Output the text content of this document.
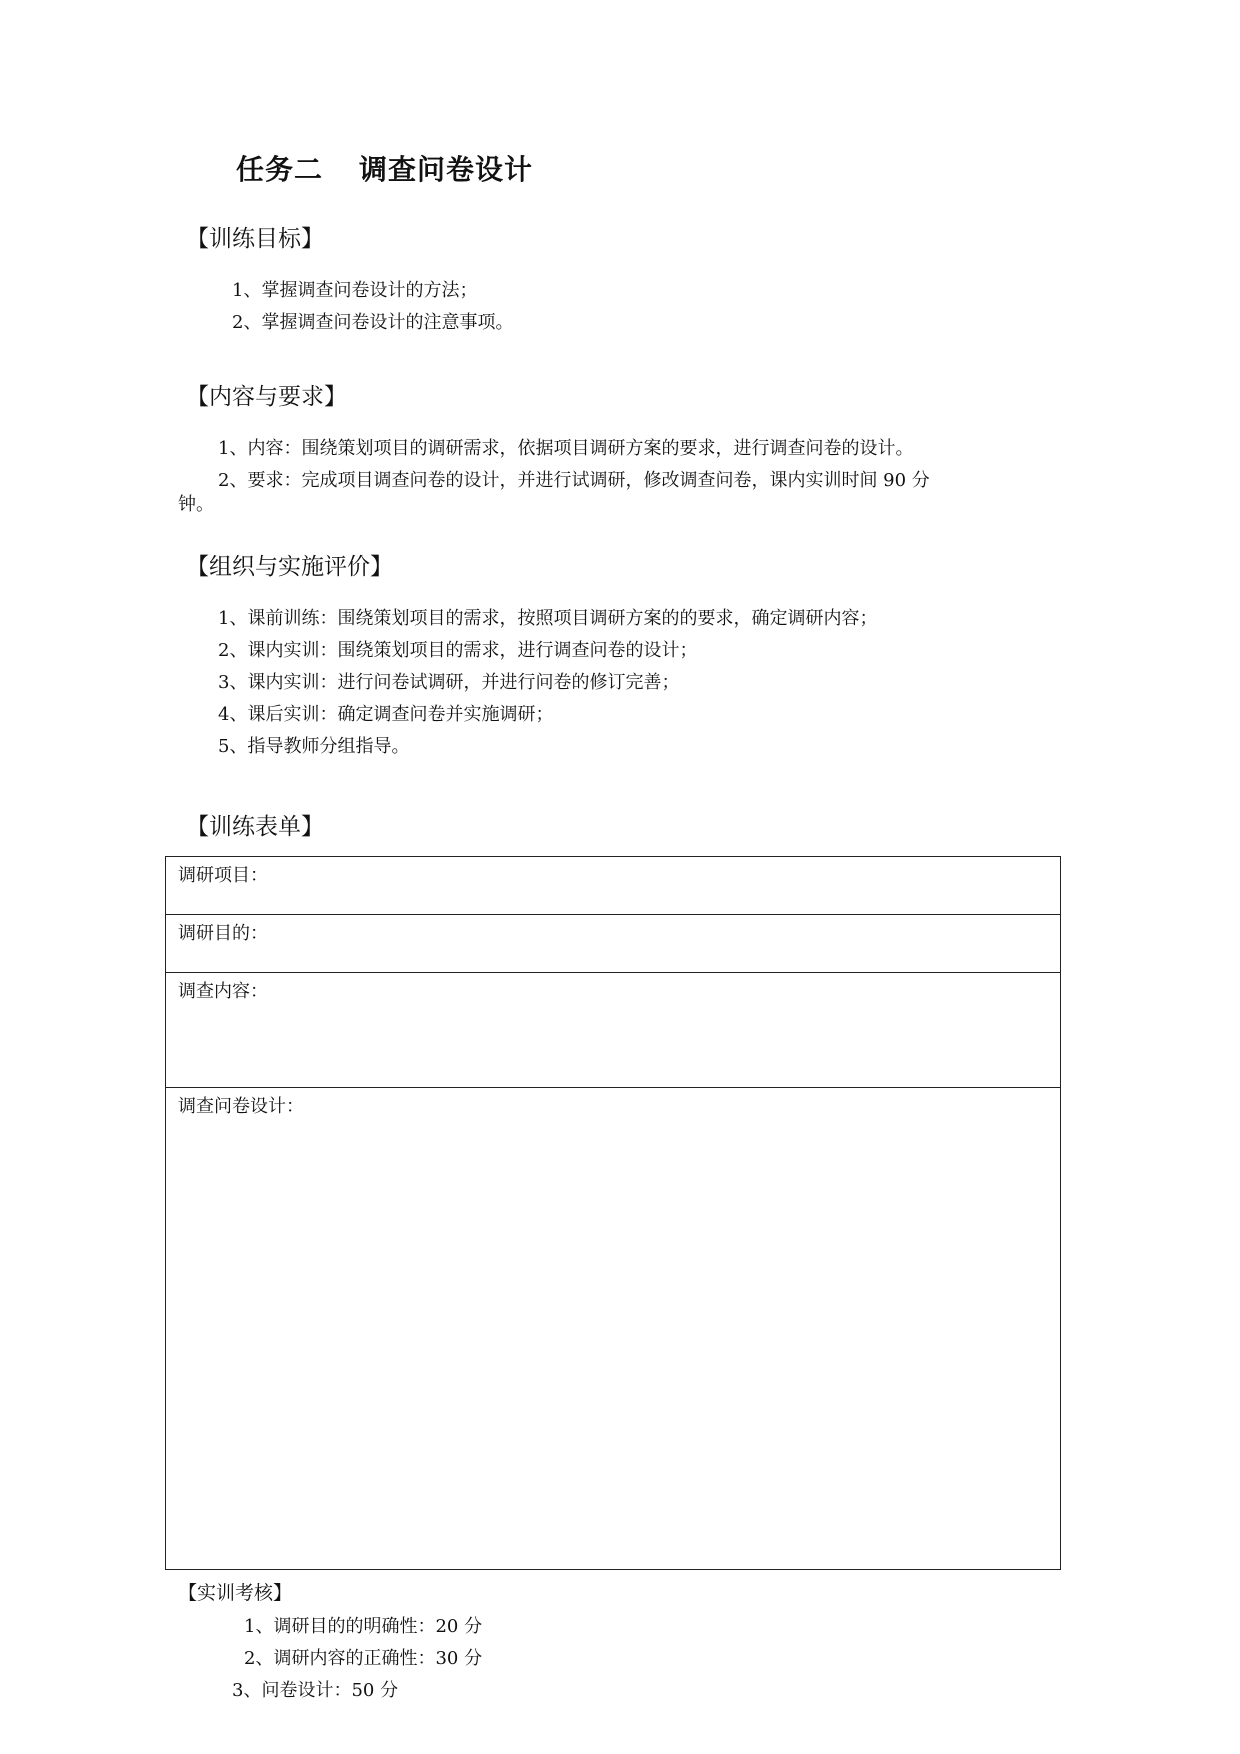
任务二 调查问卷设计
【训练目标】
1、掌握调查问卷设计的方法；
2、掌握调查问卷设计的注意事项。
【内容与要求】
1、内容：围绕策划项目的调研需求，依据项目调研方案的要求，进行调查问卷的设计。
2、要求：完成项目调查问卷的设计，并进行试调研，修改调查问卷，课内实训时间 90 分
钟。
【组织与实施评价】
1、课前训练：围绕策划项目的需求，按照项目调研方案的的要求，确定调研内容；
2、课内实训：围绕策划项目的需求，进行调查问卷的设计；
3、课内实训：进行问卷试调研，并进行问卷的修订完善；
4、课后实训：确定调查问卷并实施调研；
5、指导教师分组指导。
【训练表单】
调研项目：
调研目的：
调查内容：
调查问卷设计：
【实训考核】
1、调研目的的明确性：20 分
2、调研内容的正确性：30 分
3、问卷设计：50 分
